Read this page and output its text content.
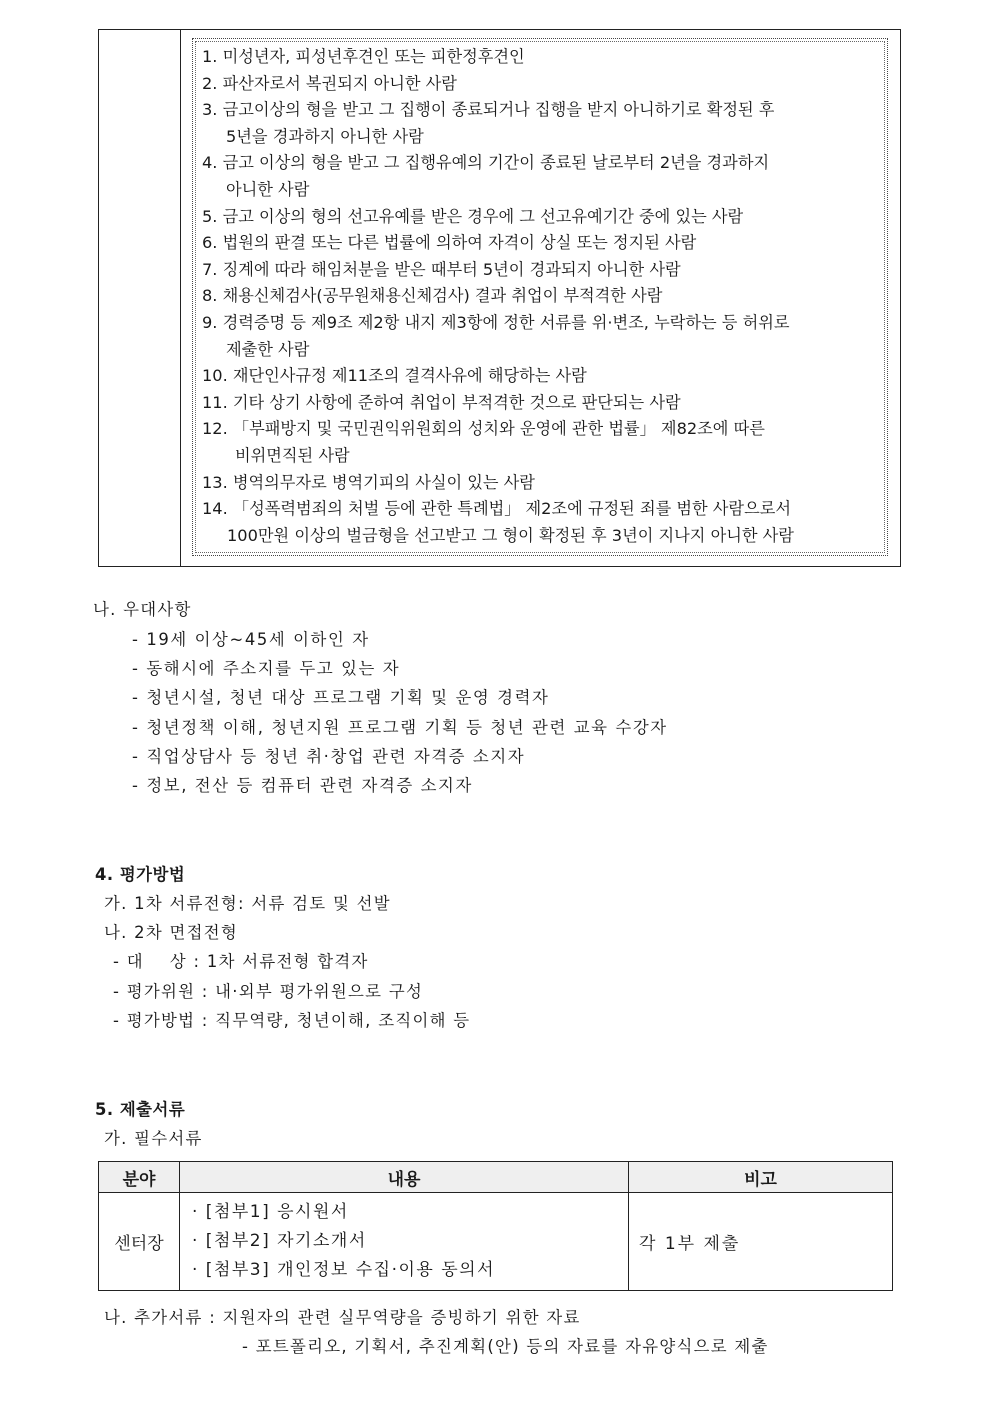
1. 미성년자, 피성년후견인 또는 피한정후견인
2. 파산자로서 복권되지 아니한 사람
3. 금고이상의 형을 받고 그 집행이 종료되거나 집행을 받지 아니하기로 확정된 후
5년을 경과하지 아니한 사람
4. 금고 이상의 형을 받고 그 집행유예의 기간이 종료된 날로부터 2년을 경과하지
아니한 사람
5. 금고 이상의 형의 선고유예를 받은 경우에 그 선고유예기간 중에 있는 사람
6. 법원의 판결 또는 다른 법률에 의하여 자격이 상실 또는 정지된 사람
7. 징계에 따라 해임처분을 받은 때부터 5년이 경과되지 아니한 사람
8. 채용신체검사(공무원채용신체검사) 결과 취업이 부적격한 사람
9. 경력증명 등 제9조 제2항 내지 제3항에 정한 서류를 위·변조, 누락하는 등 허위로
제출한 사람
10. 재단인사규정 제11조의 결격사유에 해당하는 사람
11. 기타 상기 사항에 준하여 취업이 부적격한 것으로 판단되는 사람
12. 「부패방지 및 국민권익위원회의 성치와 운영에 관한 법률」 제82조에 따른
비위면직된 사람
13. 병역의무자로 병역기피의 사실이 있는 사람
14. 「성폭력범죄의 처벌 등에 관한 특례법」 제2조에 규정된 죄를 범한 사람으로서
100만원 이상의 벌금형을 선고받고 그 형이 확정된 후 3년이 지나지 아니한 사람
나. 우대사항
- 19세 이상~45세 이하인 자
- 동해시에 주소지를 두고 있는 자
- 청년시설, 청년 대상 프로그램 기획 및 운영 경력자
- 청년정책 이해, 청년지원 프로그램 기획 등 청년 관련 교육 수강자
- 직업상담사 등 청년 취·창업 관련 자격증 소지자
- 정보, 전산 등 컴퓨터 관련 자격증 소지자
4. 평가방법
가. 1차 서류전형: 서류 검토 및 선발
나. 2차 면접전형
- 대    상 : 1차 서류전형 합격자
- 평가위원 : 내·외부 평가위원으로 구성
- 평가방법 : 직무역량, 청년이해, 조직이해 등
5. 제출서류
가. 필수서류
분야	내용	비고
센터장	· [첨부1] 응시원서
· [첨부2] 자기소개서
· [첨부3] 개인정보 수집·이용 동의서	각 1부 제출
나. 추가서류 : 지원자의 관련 실무역량을 증빙하기 위한 자료
- 포트폴리오, 기획서, 추진계획(안) 등의 자료를 자유양식으로 제출
